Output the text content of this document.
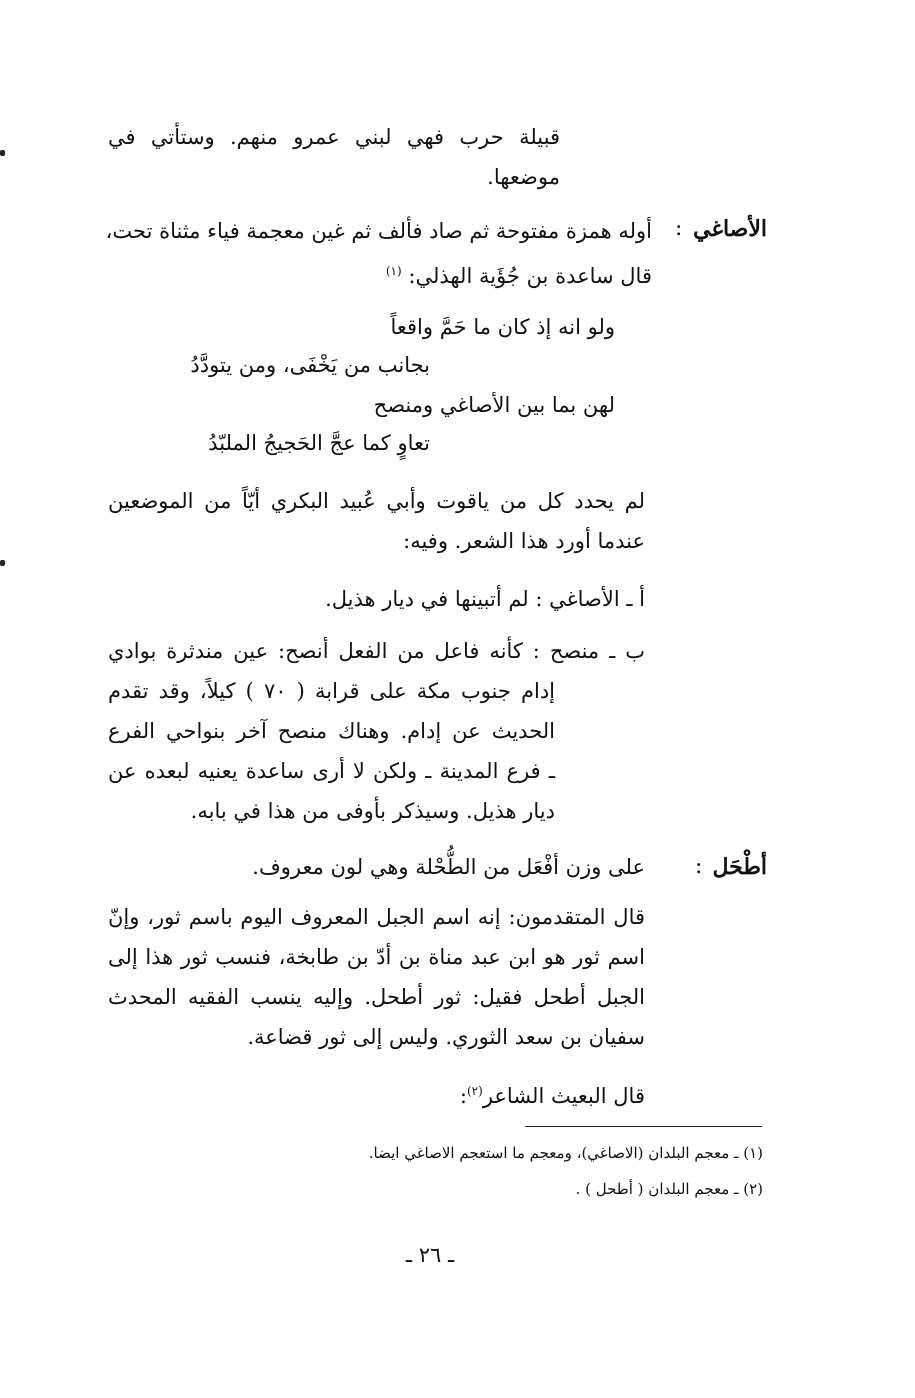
قبيلة حرب فهي لبني عمرو منهم. وستأتي في
موضعها.
الأصاغي
:
أوله همزة مفتوحة ثم صاد فألف ثم غين معجمة فياء مثناة تحت،
قال ساعدة بن جُؤَية الهذلي: $^{(١)}$
ولو انه إذ كان ما حَمَّ واقعاً
بجانب من يَخْفَى، ومن يتودَّدُ
لهن بما بين الأصاغي ومنصح
تعاوٍ كما عجَّ الحَجيجُ الملبّدُ
لم يحدد كل من ياقوت وأبي عُبيد البكري أيّاً من الموضعين
عندما أورد هذا الشعر. وفيه:
أ ـ الأصاغي : لم أتبينها في ديار هذيل.
ب ـ منصح : كأنه فاعل من الفعل أنصح: عين مندثرة بوادي
إدام جنوب مكة على قرابة ( ٧٠ ) كيلاً، وقد تقدم
الحديث عن إدام. وهناك منصح آخر بنواحي الفرع
ـ فرع المدينة ـ ولكن لا أرى ساعدة يعنيه لبعده عن
ديار هذيل. وسيذكر بأوفى من هذا في بابه.
أطْحَل
:
على وزن أفْعَل من الطُّحْلة وهي لون معروف.
قال المتقدمون: إنه اسم الجبل المعروف اليوم باسم ثور، وإنّ
اسم ثور هو ابن عبد مناة بن أدّ بن طابخة، فنسب ثور هذا إلى
الجبل أطحل فقيل: ثور أطحل. وإليه ينسب الفقيه المحدث
سفيان بن سعد الثوري. وليس إلى ثور قضاعة.
قال البعيث الشاعر$^{(٢)}$:
(١) ـ معجم البلدان (الاصاغي)، ومعجم ما استعجم الاصاغي ايضا.
(٢) ـ معجم البلدان ( أطحل ) .
ـ ٢٦ ـ
